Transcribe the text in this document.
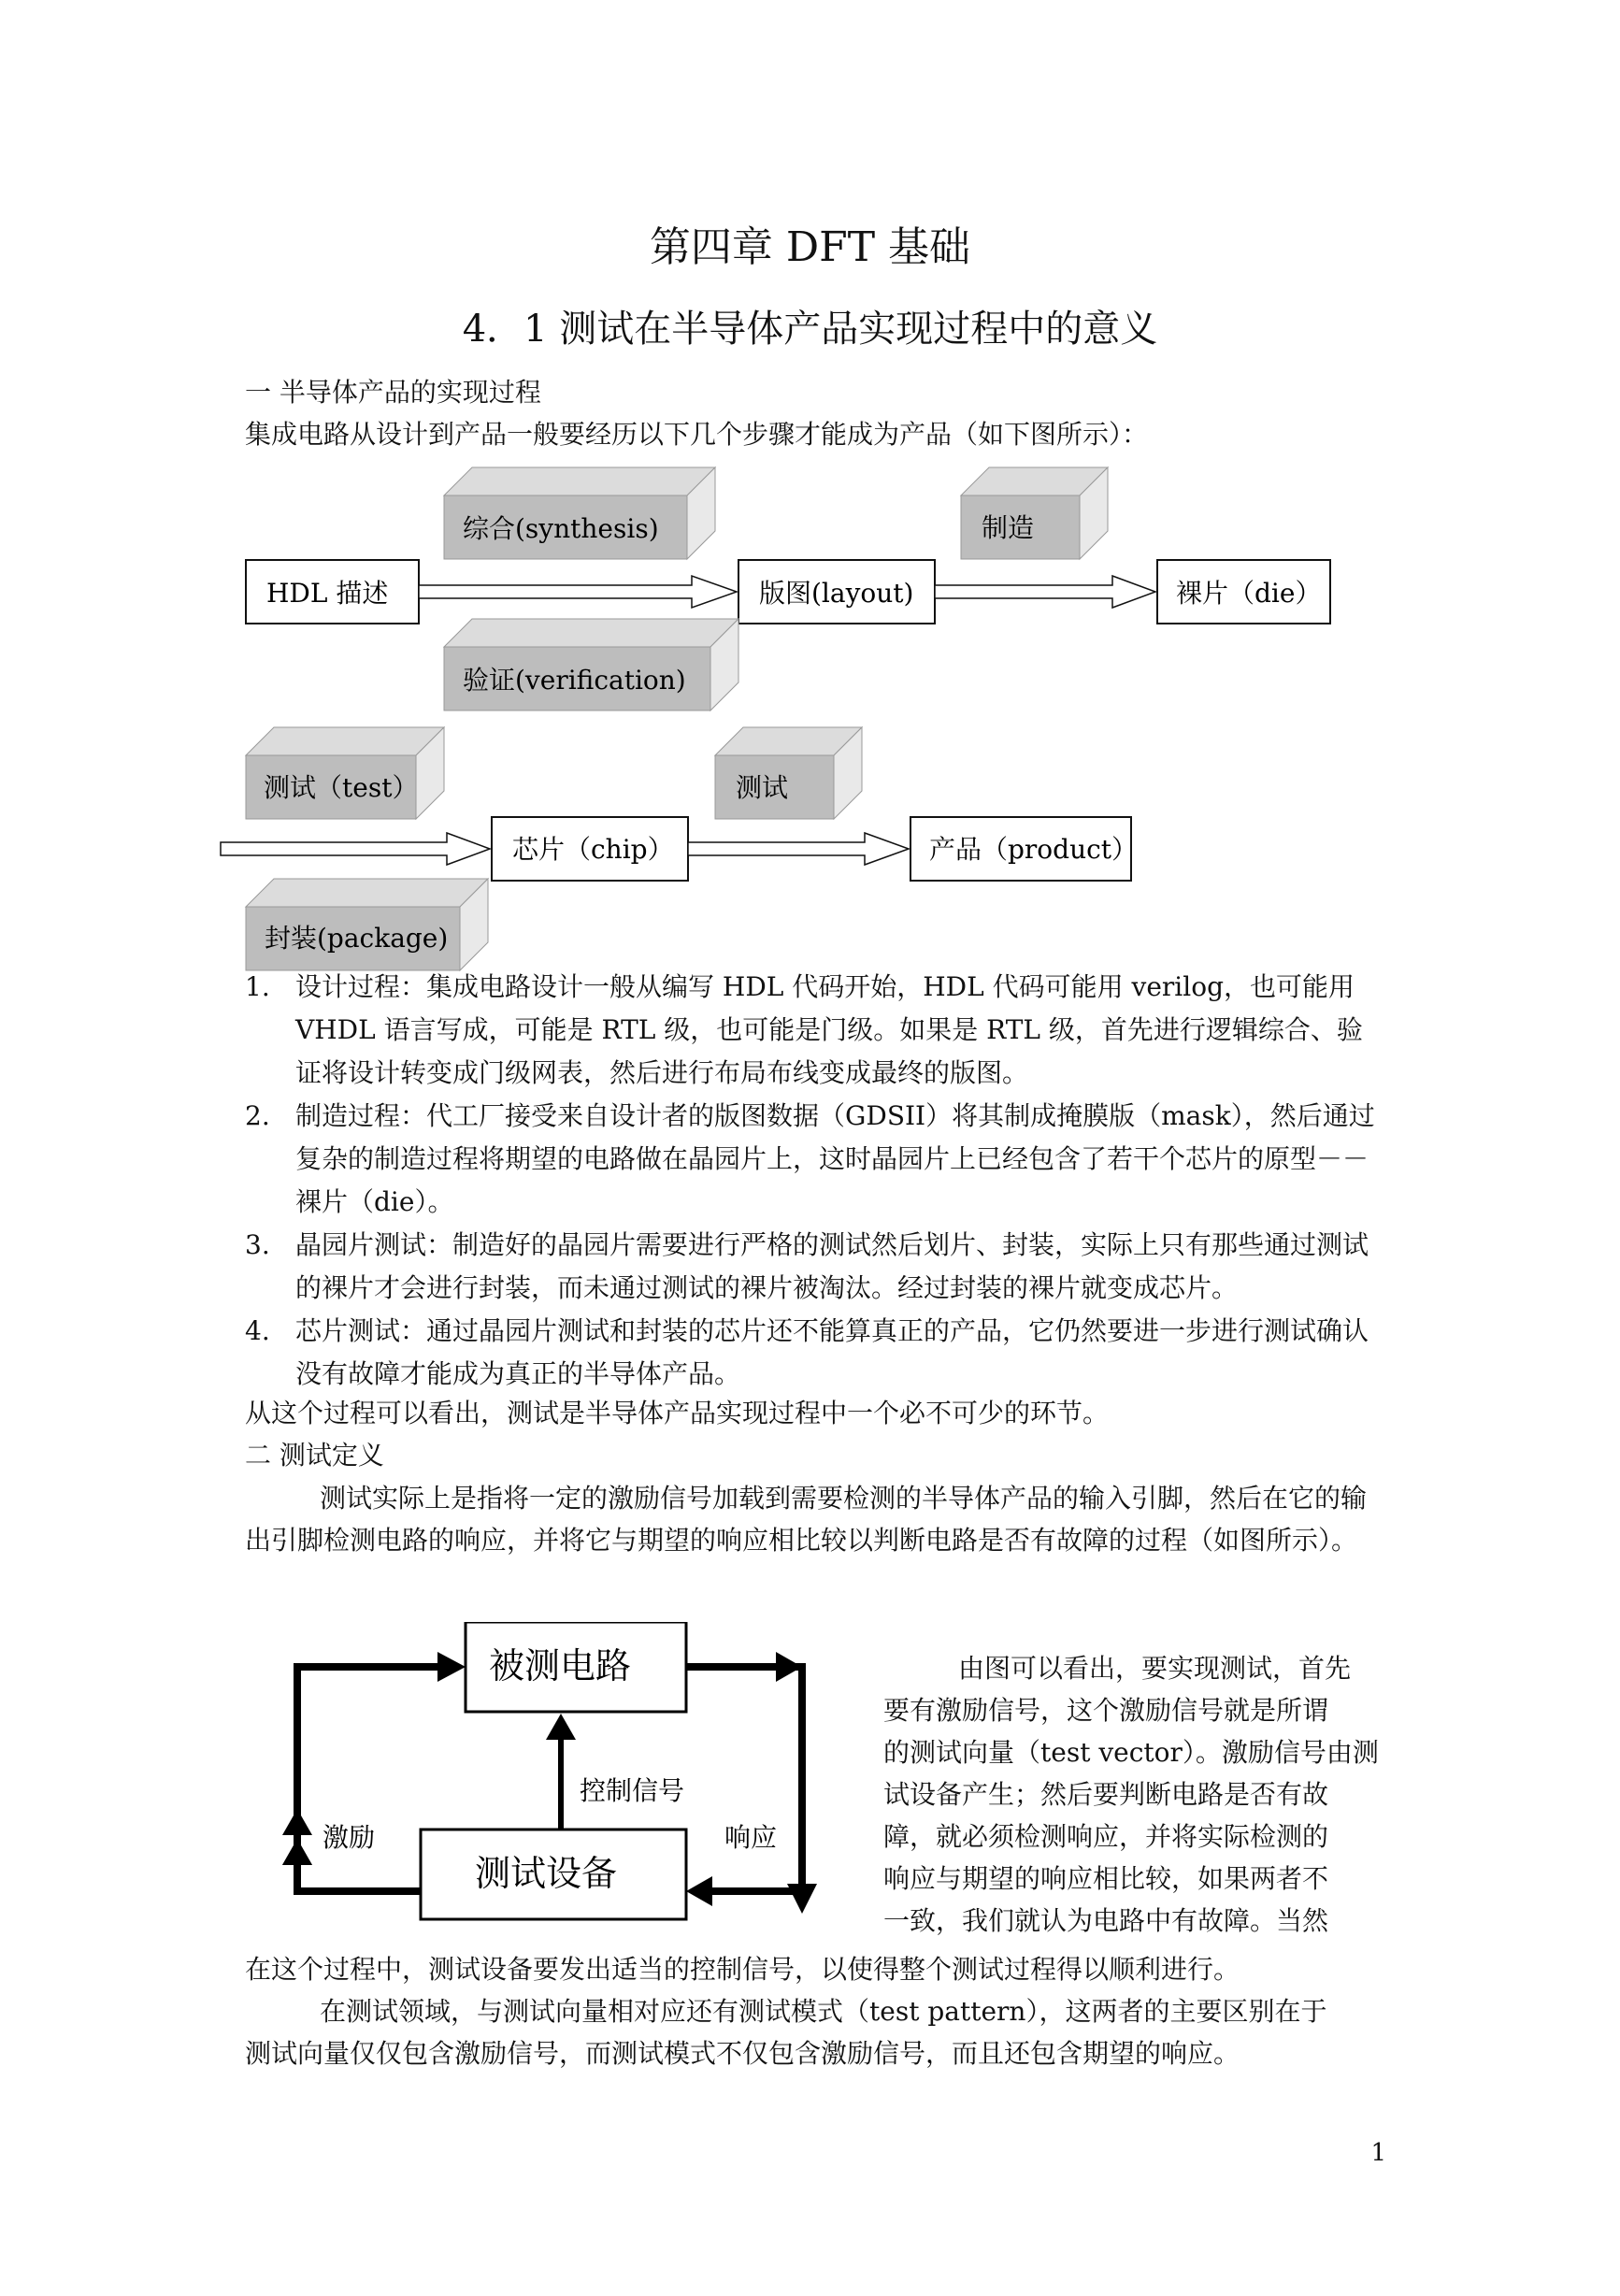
第四章 DFT 基础
4．1 测试在半导体产品实现过程中的意义
一 半导体产品的实现过程
集成电路从设计到产品一般要经历以下几个步骤才能成为产品（如下图所示）：
综合(synthesis)	制造
HDL 描述	版图(layout)	裸片（die）
验证(verification)
测试（test）	测试
芯片（chip）	产品（product）
封装(package)
1. 设计过程：集成电路设计一般从编写 HDL 代码开始，HDL 代码可能用 verilog，也可能用 VHDL 语言写成，可能是 RTL 级，也可能是门级。如果是 RTL 级，首先进行逻辑综合、验证将设计转变成门级网表，然后进行布局布线变成最终的版图。
2. 制造过程：代工厂接受来自设计者的版图数据（GDSII）将其制成掩膜版（mask），然后通过复杂的制造过程将期望的电路做在晶园片上，这时晶园片上已经包含了若干个芯片的原型－－裸片（die）。
3. 晶园片测试：制造好的晶园片需要进行严格的测试然后划片、封装，实际上只有那些通过测试的裸片才会进行封装，而未通过测试的裸片被淘汰。经过封装的裸片就变成芯片。
4. 芯片测试：通过晶园片测试和封装的芯片还不能算真正的产品，它仍然要进一步进行测试确认没有故障才能成为真正的半导体产品。
从这个过程可以看出，测试是半导体产品实现过程中一个必不可少的环节。
二 测试定义
测试实际上是指将一定的激励信号加载到需要检测的半导体产品的输入引脚，然后在它的输出引脚检测电路的响应，并将它与期望的响应相比较以判断电路是否有故障的过程（如图所示）。
被测电路
测试设备
控制信号
激励	响应
由图可以看出，要实现测试，首先
要有激励信号，这个激励信号就是所谓
的测试向量（test vector）。激励信号由测
试设备产生；然后要判断电路是否有故
障，就必须检测响应，并将实际检测的
响应与期望的响应相比较，如果两者不
一致，我们就认为电路中有故障。当然
在这个过程中，测试设备要发出适当的控制信号，以使得整个测试过程得以顺利进行。
在测试领域，与测试向量相对应还有测试模式（test pattern），这两者的主要区别在于
测试向量仅仅包含激励信号，而测试模式不仅包含激励信号，而且还包含期望的响应。
1
